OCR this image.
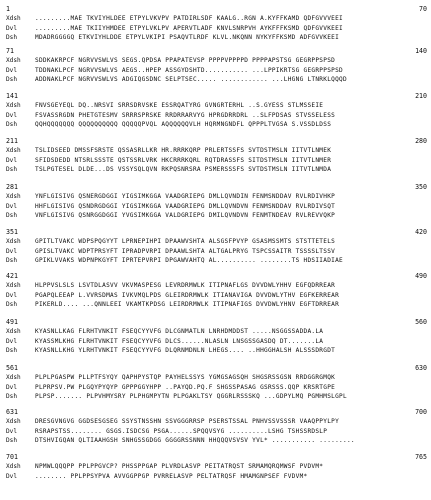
1	70
Xdsh	.........MAE TKVIYHLDEE ETPYLVKVPV PATDIRLSDF KAALG..RGN A.KYFFKAMD QDFGVVVEEI
Dvl	.........MAE TKIIYHMDEE ETPYLVKLPV APERVTLADF KNVLSNRPVH AYKFFFKSMD QDFGVVKEEI
Dsh	MDADRGGGGQ ETKVIYHLDDE ETPYLVKIPI PSAQVTLRDF KLVL.NKQNN NYKYFFKSMD ADFGVVKEEI
71	140
Xdsh	SDDKAKRPCF NGRVVSWLVS SEGS.QPDSA PPAPATEVSP PPPPVPPPPD PPPPAPSTSG GEGRPPSPSD
Dvl	TDDNAKLPCF NGRVVSWLVS AEGS..HPEP ASSGYDSHTD........... ...LPPIKRTSG GEGRPPSPSD
Dsh	ADDNAKLPCF NGRVVSWLVS ADGIQGSDNC SELPTSEC..... ............ ...LHGNG LTNRKLQQQD
141	210
Xdsh	FNVSGEYEQL DQ..NRSVI SRRSDRVSKE ESSRQATYRG GVNGRTERHL ..S.GYESS STLMSSEIE
Dvl	FSVASSRGDN PHETGTESMV SRRRSPRSKE RRDRRARVYG HPRGDRRDRL ..SLFPDSAS STVSSELESS
Dsh	QQHQQQQQQQ QQQQQQQQQQ QQQQQPVQL AQQQQQQVLH HQRMNGNDFL QPPPLTVGSA S.VSSDLDSS
211	280
Xdsh	TSLIDSEED DMSSFSRSTE QSSASRLLKR HR.RRRKQRP PRLERTSSFS SVTDSTMSLN IITVTLNMEK
Dvl	SFIDSDEDD NTSRLSSSTE QSTSSRLVRK HKCRRRKQRL RQTDRASSFS SITDSTMSLN IITVTLNMER
Dsh	TSLPGTESEL DLDE...DS VSSYSQLQVN RKPQSNRSRA PSMERSSSFS SVTDSTMSLN IITVTLNMDA
281	350
Xdsh	YNFLGISIVG QSNERGDGGI YIGSIMKGGA VAADGRIEPG DMLLQVNDIN FENMSNDDAV RVLRDIVHKP
Dvl	HHFLGISIVG QSNDRGDGGI YIGSIMKGGA VAADGRIEPG DMLLQVNDVN FENMSNDDAV RVLRDIVSQT
Dsh	VNFLGISIVG QSNRGGDGGI YVGSIMKGGA VALDGRIEPG DMILQVNDVN FENMTNDEAV RVLREVVQKP
351	420
Xdsh	GPITLTVAKC WDPSPQGYYT LPRNEPIHPI DPAAWVSHTA ALSGSFPVYP GSASMSSMTS STSTTETELS
Dvl	GPISLTVAKC WDPTPRSYFT IPRADPVRPI DPAAWLSHTA ALTGALPRYG TSPCSSAITR TSSSSLTSSV
Dsh	GPIKLVVAKS WDPNPKGYFT IPRTEPVRPI DPGAWVAHTQ AL.......... ........TS HDSIIADIAE
421	490
Xdsh	HLPPVSLSLS LSVTDLASVV VKVMASPESG LEVRDRMWLK ITIPNAFLGS DVVDWLYHHV EGFQDRREAR
Dvl	PGAPQLEEAP L.VVRSDMAS IVKVMQLPDS GLEIRDRMWLK ITIANAVIGA DVVDWLYTHV EGFKERREAR
Dsh	PIKERLD.... ...QNNLEEI VKAMTKPDSG LEIRDRMWLK ITIPNAFIGS DVVDWLYHNV EGFTDRREAR
491	560
Xdsh	KYASNLLKAG FLRHTVNKIT FSEQCYYVFG DLCGNMATLN LNRHDMDDST .....NSGGSSADDA.LA
Dvl	KYASSMLKHG FLRHTVNKIT FSEQCYYVFG DLCS......NLASLN LNSGSSGASDQ DT.......LA
Dsh	KYASNLLKHG YLRHTVNKIT FSEQCYYVFG DLQRNMDNLN LHEGS.... ..HHGGHALSH ALSSSDRGDT
561	630
Xdsh	PLPLPGASPW PLLPTFSYQY QAPHPYSTQP PAYHELSSYS YGMGSAGSQH SHGSRSSGSN RRDGGRGMQK
Dvl	PLPRPSV.PW PLGQYPYQYP GPPPGGYHPP ..PAYQD.PQ.F SHGSSPASAG GSRSSS.QQP KRSRTGPE
Dsh	PLPSP....... PLPVHMYSRY PLPHGMPYTN PLPGAKLTSY QGGRLRSSSKQ ...GDPYLMQ PGMHMSLGPL
631	700
Xdsh	DRESGVNGVG GGDSESGSEG SSYSTNSSHN SSVGGGRRSP PSERSTSSAL PNHVSSVSSSR VAAQPPYLPY
Dvl	RSRAPSTSS........ GSGS.ISDCSG PSGA......SPQQVSYG ..........LSHG TSHSSRDSLP
Dsh	DTSHVIGQAN QLTIAAHGSH SNHGSSGDGG GGGGRSSNNN HHQQQVSVSV YVL* ........... .........
701	765
Xdsh	NPMWLQQQPP PPLPPGVCP? PHSSPPGAP PLVRDLASVP PEITATRQST SRMAMQRQMWSF PVDVM*
Dvl	........ PPLPPSYPVA AVVGGPPGP PVRRELASVP PELTATRQSF HMAMGNPSEF FVDVM*
